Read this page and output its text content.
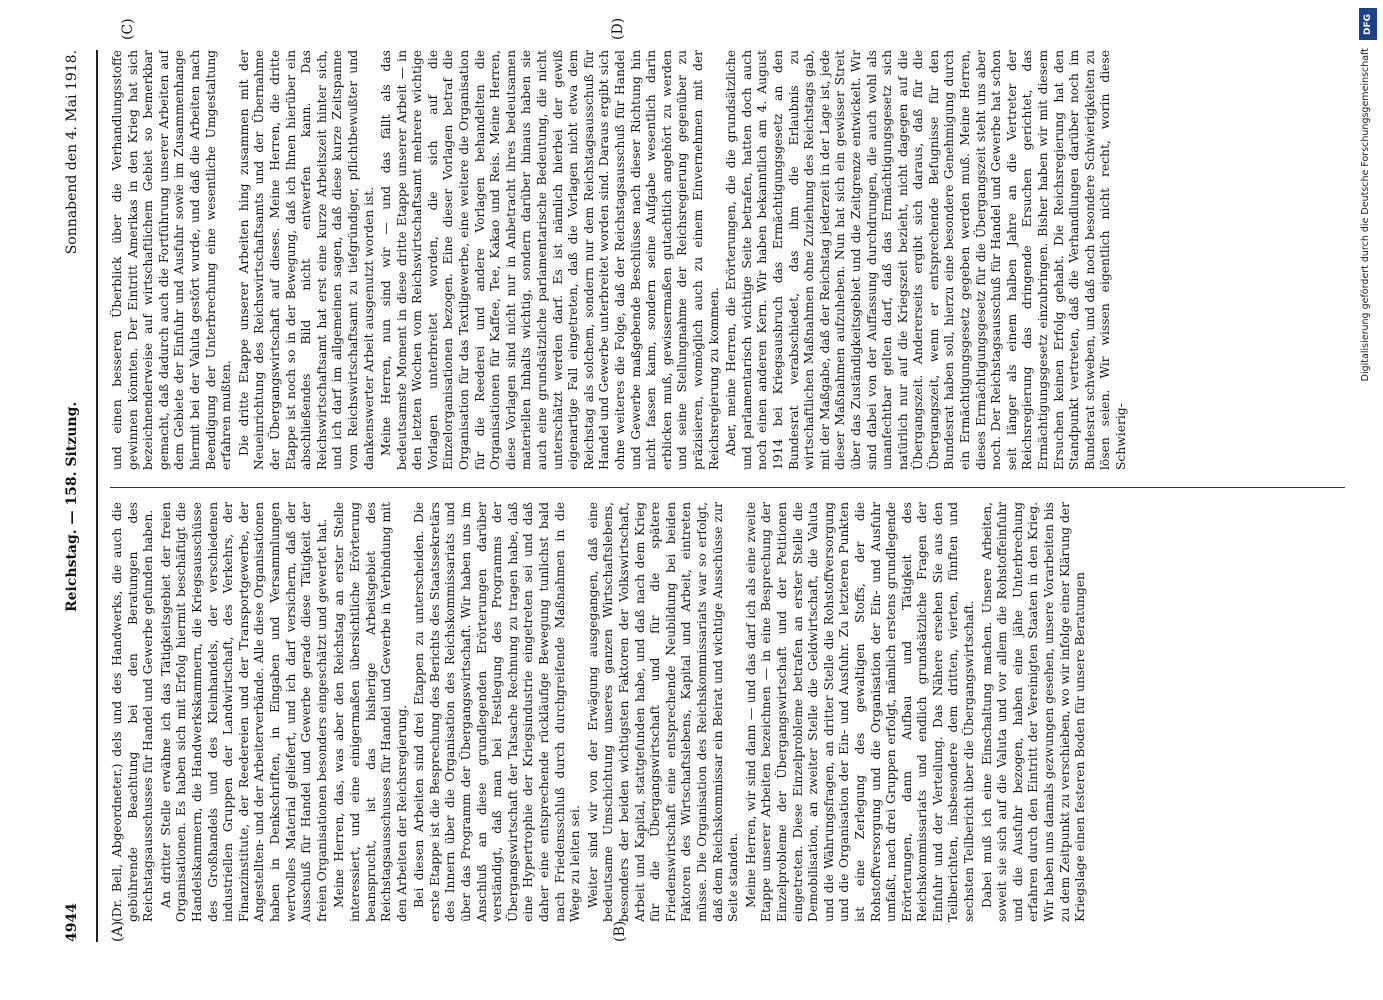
4944
Reichstag. — 158. Sitzung.
Sonnabend den 4. Mai 1918.
(A)	(B)
(C)	(D)

(Dr. Bell, Abgeordneter.) dels und des Handwerks, die auch die gebührende Beachtung bei den Beratungen des Reichstagsausschusses für Handel und Gewerbe gefunden haben. An dritter Stelle erwähne ich das Tätigkeitsgebiet der freien Organisationen. Es haben sich mit Erfolg hiermit beschäftigt die Handelskammern, die Handwerkskammern, die Kriegsausschüsse des Großhandels und des Kleinhandels, der verschiedenen industriellen Gruppen der Landwirtschaft, des Verkehrs, der Finanzinstitute, der Reedereien und der Transportgewerbe, der Angestellten- und der Arbeiterverbände. Alle diese Organisationen haben in Denkschriften, in Eingaben und Versammlungen wertvolles Material geliefert, und ich darf versichern, daß der Ausschuß für Handel und Gewerbe gerade diese Tätigkeit der freien Organisationen besonders eingeschätzt und gewertet hat. Meine Herren, das, was aber den Reichstag an erster Stelle interessiert, und eine einigermaßen übersichtliche Erörterung beansprucht, ist das bisherige Arbeitsgebiet des Reichstagsausschusses für Handel und Gewerbe in Verbindung mit den Arbeiten der Reichsregierung. Bei diesen Arbeiten sind drei Etappen zu unterscheiden. Die erste Etappe ist die Besprechung des Berichts des Staatssekretärs des Innern über die Organisation des Reichskommissariats und über das Programm der Übergangswirtschaft. Wir haben uns im Anschluß an diese grundlegenden Erörterungen darüber verständigt, daß man bei Festlegung des Programms der Übergangswirtschaft der Tatsache Rechnung zu tragen habe, daß eine Hypertrophie der Kriegsindustrie eingetreten sei und daß daher eine entsprechende rückläufige Bewegung tunlichst bald nach Friedensschluß durch durchgreifende Maßnahmen in die Wege zu leiten sei. Weiter sind wir von der Erwägung ausgegangen, daß eine bedeutsame Umschichtung unseres ganzen Wirtschaftslebens, besonders der beiden wichtigsten Faktoren der Volkswirtschaft, Arbeit und Kapital, stattgefunden habe, und daß nach dem Krieg für die Übergangswirtschaft und für die spätere Friedenswirtschaft eine entsprechende Neubildung bei beiden Faktoren des Wirtschaftslebens, Kapital und Arbeit, eintreten müsse. Die Organisation des Reichskommissariats war so erfolgt, daß dem Reichskommissar ein Beirat und wichtige Ausschüsse zur Seite standen. Meine Herren, wir sind dann — und das darf ich als eine zweite Etappe unserer Arbeiten bezeichnen — in eine Besprechung der Einzelprobleme der Übergangswirtschaft und der Petitionen eingetreten. Diese Einzelprobleme betrafen an erster Stelle die Demobilisation, an zweiter Stelle die Geldwirtschaft, die Valuta und die Währungsfragen, an dritter Stelle die Rohstoffversorgung und die Organisation der Ein- und Ausfuhr. Zu letzteren Punkten ist eine Zerlegung des gewaltigen Stoffs, der die Rohstoffversorgung und die Organisation der Ein- und Ausfuhr umfaßt, nach drei Gruppen erfolgt, nämlich erstens grundlegende Erörterungen, dann Aufbau und Tätigkeit des Reichskommissariats und endlich grundsätzliche Fragen der Einfuhr und der Verteilung. Das Nähere ersehen Sie aus den Teilberichten, insbesondere dem dritten, vierten, fünften und sechsten Teilbericht über die Übergangswirtschaft. Dabei muß ich eine Einschaltung machen. Unsere Arbeiten, soweit sie sich auf die Valuta und vor allem die Rohstoffeinfuhr und die Ausfuhr bezogen, haben eine jähe Unterbrechung erfahren durch den Eintritt der Vereinigten Staaten in den Krieg. Wir haben uns damals gezwungen gesehen, unsere Vorarbeiten bis zu dem Zeitpunkt zu verschieben, wo wir infolge einer Klärung der Kriegslage einen festeren Boden für unsere Beratungen

und einen besseren Überblick über die Verhandlungsstoffe gewinnen könnten. Der Eintritt Amerikas in den Krieg hat sich bezeichnenderweise auf wirtschaftlichem Gebiet so bemerkbar gemacht, daß dadurch auch die Fortführung unserer Arbeiten auf dem Gebiete der Einfuhr und Ausfuhr sowie im Zusammenhange hiermit bei der Valuta gestört wurde, und daß die Arbeiten nach Beendigung der Unterbrechung eine wesentliche Umgestaltung erfahren mußten. Die dritte Etappe unserer Arbeiten hing zusammen mit der Neueinrichtung des Reichswirtschaftsamts und der Übernahme der Übergangswirtschaft auf dieses. Meine Herren, die dritte Etappe ist noch so in der Bewegung, daß ich Ihnen hierüber ein abschließendes Bild nicht entwerfen kann. Das Reichswirtschaftsamt hat erst eine kurze Arbeitszeit hinter sich, und ich darf im allgemeinen sagen, daß diese kurze Zeitspanne vom Reichswirtschaftsamt zu tiefgründiger, pflichtbewußter und dankenswerter Arbeit ausgenutzt worden ist. Meine Herren, nun sind wir — und das fällt als das bedeutsamste Moment in diese dritte Etappe unserer Arbeit — in den letzten Wochen vom Reichswirtschaftsamt mehrere wichtige Vorlagen unterbreitet worden, die sich auf die Einzelorganisationen bezogen. Eine dieser Vorlagen betraf die Organisation für das Textilgewerbe, eine weitere die Organisation für die Reederei und andere Vorlagen behandelten die Organisationen für Kaffee, Tee, Kakao und Reis. Meine Herren, diese Vorlagen sind nicht nur in Anbetracht ihres bedeutsamen materiellen Inhalts wichtig, sondern darüber hinaus haben sie auch eine grundsätzliche parlamentarische Bedeutung, die nicht unterschätzt werden darf. Es ist nämlich hierbei der gewiß eigenartige Fall eingetreten, daß die Vorlagen nicht etwa dem Reichstag als solchem, sondern nur dem Reichstagsausschuß für Handel und Gewerbe unterbreitet worden sind. Daraus ergibt sich ohne weiteres die Folge, daß der Reichstagsausschuß für Handel und Gewerbe maßgebende Beschlüsse nach dieser Richtung hin nicht fassen kann, sondern seine Aufgabe wesentlich darin erblicken muß, gewissermaßen gutachtlich angehört zu werden und seine Stellungnahme der Reichsregierung gegenüber zu präzisieren, womöglich auch zu einem Einvernehmen mit der Reichsregierung zu kommen. Aber, meine Herren, die Erörterungen, die die grundsätzliche und parlamentarisch wichtige Seite betrafen, hatten doch auch noch einen anderen Kern. Wir haben bekanntlich am 4. August 1914 bei Kriegsausbruch das Ermächtigungsgesetz an den Bundesrat verabschiedet, das ihm die Erlaubnis zu wirtschaftlichen Maßnahmen ohne Zuziehung des Reichstags gab, mit der Maßgabe, daß der Reichstag jederzeit in der Lage ist, jede dieser Maßnahmen aufzuheben. Nun hat sich ein gewisser Streit über das Zuständigkeitsgebiet und die Zeitgrenze entwickelt. Wir sind dabei von der Auffassung durchdrungen, die auch wohl als unanfechtbar gelten darf, daß das Ermächtigungsgesetz sich natürlich nur auf die Kriegszeit bezieht, nicht dagegen auf die Übergangszeit. Andererseits ergibt sich daraus, daß für die Übergangszeit, wenn er entsprechende Befugnisse für den Bundesrat haben soll, hierzu eine besondere Genehmigung durch ein Ermächtigungsgesetz gegeben werden muß. Meine Herren, dieses Ermächtigungsgesetz für die Übergangszeit steht uns aber noch. Der Reichstagsausschuß für Handel und Gewerbe hat schon seit länger als einem halben Jahre an die Vertreter der Reichsregierung das dringende Ersuchen gerichtet, das Ermächtigungsgesetz einzubringen. Bisher haben wir mit diesem Ersuchen keinen Erfolg gehabt. Die Reichsregierung hat den Standpunkt vertreten, daß die Verhandlungen darüber noch im Bundesrat schweben, und daß noch besondere Schwierigkeiten zu lösen seien. Wir wissen eigentlich nicht recht, worin diese Schwierig-

DFG
Digitalisierung gefördert durch die Deutsche Forschungsgemeinschaft
